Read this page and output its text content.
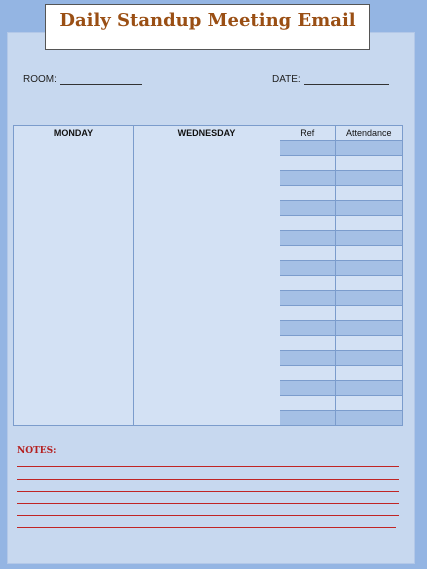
Daily Standup Meeting Email
ROOM:	DATE:
MONDAY	WEDNESDAY	Ref	Attendance
NOTES:
